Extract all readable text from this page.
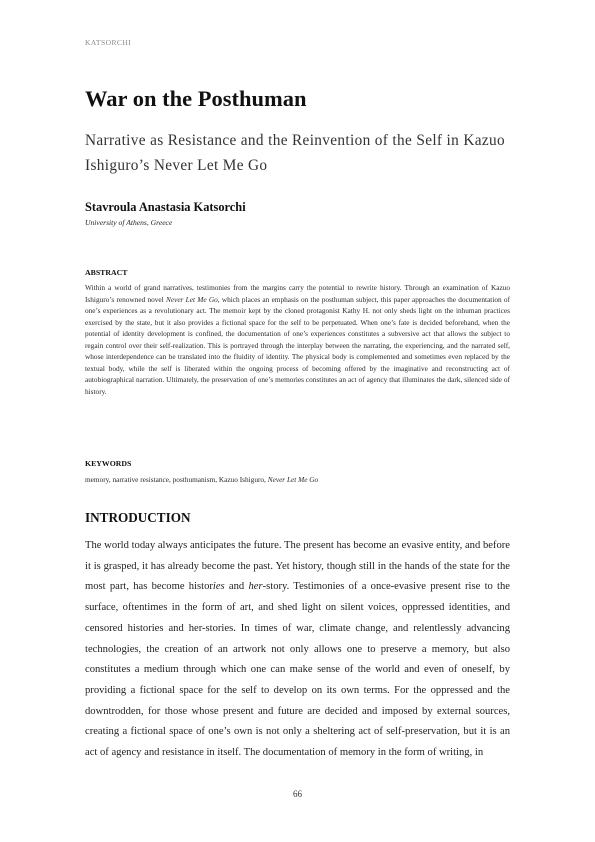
KATSORCHI
War on the Posthuman
Narrative as Resistance and the Reinvention of the Self in Kazuo Ishiguro’s Never Let Me Go
Stavroula Anastasia Katsorchi
University of Athens, Greece
ABSTRACT

Within a world of grand narratives, testimonies from the margins carry the potential to rewrite history. Through an examination of Kazuo Ishiguro’s renowned novel Never Let Me Go, which places an emphasis on the posthuman subject, this paper approaches the documentation of one’s experiences as a revolutionary act. The memoir kept by the cloned protagonist Kathy H. not only sheds light on the inhuman practices exercised by the state, but it also provides a fictional space for the self to be perpetuated. When one’s fate is decided beforehand, when the potential of identity development is confined, the documentation of one’s experiences constitutes a subversive act that allows the subject to regain control over their self-realization. This is portrayed through the interplay between the narrating, the experiencing, and the narrated self, whose interdependence can be translated into the fluidity of identity. The physical body is complemented and sometimes even replaced by the textual body, while the self is liberated within the ongoing process of becoming offered by the imaginative and reconstructing act of autobiographical narration. Ultimately, the preservation of one’s memories constitutes an act of agency that illuminates the dark, silenced side of history.

KEYWORDS
memory, narrative resistance, posthumanism, Kazuo Ishiguro, Never Let Me Go
INTRODUCTION

The world today always anticipates the future. The present has become an evasive entity, and before it is grasped, it has already become the past. Yet history, though still in the hands of the state for the most part, has become histories and her-story. Testimonies of a once-evasive present rise to the surface, oftentimes in the form of art, and shed light on silent voices, oppressed identities, and censored histories and her-stories. In times of war, climate change, and relentlessly advancing technologies, the creation of an artwork not only allows one to preserve a memory, but also constitutes a medium through which one can make sense of the world and even of oneself, by providing a fictional space for the self to develop on its own terms. For the oppressed and the downtrodden, for those whose present and future are decided and imposed by external sources, creating a fictional space of one’s own is not only a sheltering act of self-preservation, but it is an act of agency and resistance in itself. The documentation of memory in the form of writing, in

66
